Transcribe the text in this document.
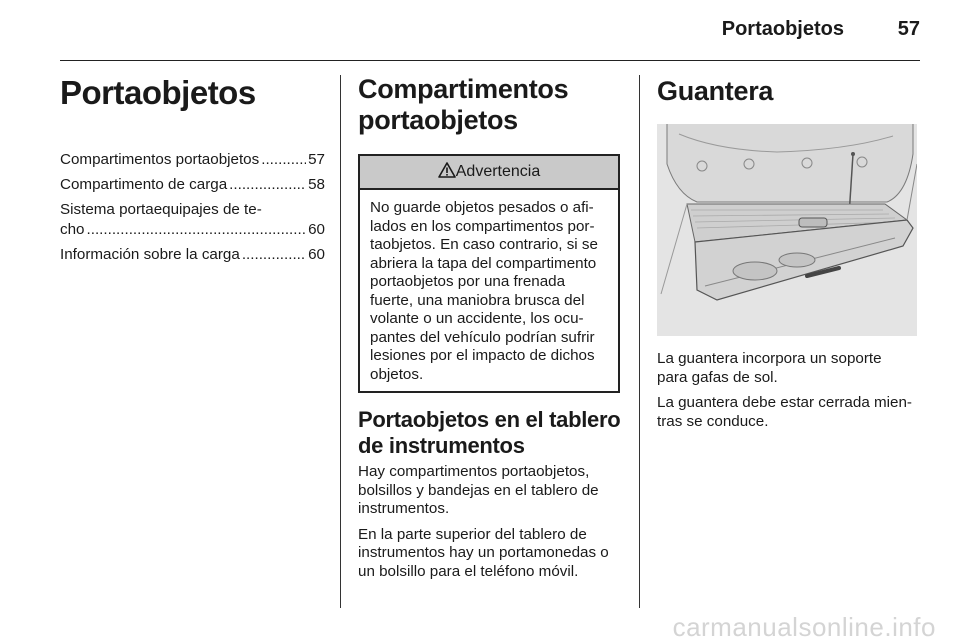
Portaobjetos	57
Portaobjetos
Compartimentos portaobjetos .....	57
Compartimento de carga .....	58
Sistema portaequipajes de te-
cho .....	60
Información sobre la carga .....	60
Compartimentos
portaobjetos
Advertencia
No guarde objetos pesados o afi-
lados en los compartimentos por-
taobjetos. En caso contrario, si se
abriera la tapa del compartimento
portaobjetos por una frenada
fuerte, una maniobra brusca del
volante o un accidente, los ocu-
pantes del vehículo podrían sufrir
lesiones por el impacto de dichos
objetos.
Portaobjetos en el tablero
de instrumentos

Hay compartimentos portaobjetos,

bolsillos y bandejas en el tablero de

instrumentos.

En la parte superior del tablero de

instrumentos hay un portamonedas o

un bolsillo para el teléfono móvil.

Guantera

La guantera incorpora un soporte

para gafas de sol.

La guantera debe estar cerrada mien-

tras se conduce.

carmanualsonline.info
